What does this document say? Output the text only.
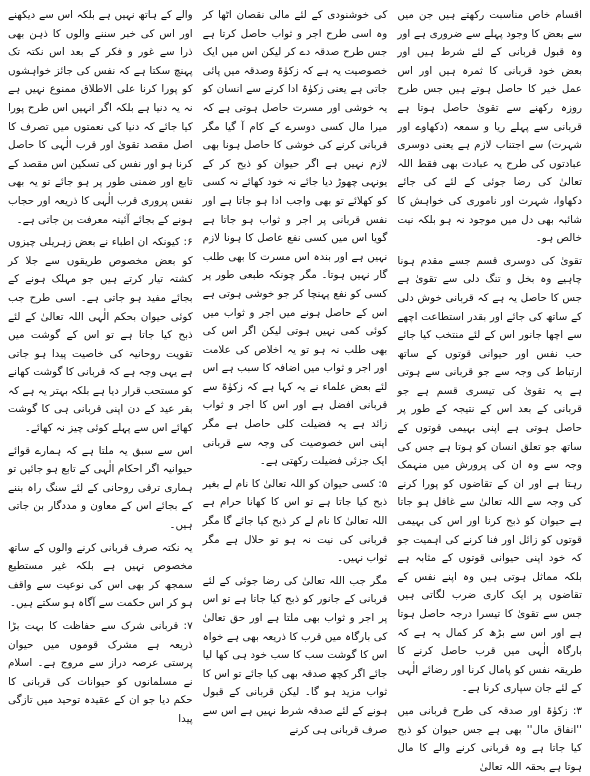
اقسام خاص مناسبت رکھتے ہیں جن میں سے بعض کا وجود پہلے سے ضروری ہے اور وہ قبول قربانی کے لئے شرط ہیں اور بعض خود قربانی کا ثمرہ ہیں اور اس عمل خیر کا حاصل ہوتے ہیں جس طرح روزہ رکھنے سے تقویٰ حاصل ہوتا ہے قربانی سے پہلے ریا و سمعہ (دکھاوے اور شہرت) سے اجتناب لازم ہے یعنی دوسری عبادتوں کی طرح یہ عبادت بھی فقط اللہ تعالیٰ کی رضا جوئی کے لئے کی جائے دکھاوا، شہرت اور ناموری کی خواہش کا شائبہ بھی دل میں موجود نہ ہو بلکہ نیت خالص ہو۔

تقویٰ کی دوسری قسم جسے مقدم ہونا چاہیے وہ بخل و تنگ دلی سے تقویٰ ہے جس کا حاصل یہ ہے کہ قربانی خوش دلی کے ساتھ کی جائے اور بقدر استطاعت اچھے سے اچھا جانور اس کے لئے منتخب کیا جائے حب نفس اور حیوانی قوتوں کے ساتھ ارتباط کی وجہ سے جو قربانی سے ہوتی ہے یہ تقویٰ کی تیسری قسم ہے جو قربانی کے بعد اس کے نتیجہ کے طور پر حاصل ہوتی ہے اپنی بہیمی قوتوں کے ساتھ جو تعلق انسان کو ہوتا ہے جس کی وجہ سے وہ ان کی پرورش میں منہمک رہتا ہے اور ان کے تقاضوں کو پورا کرنے کی وجہ سے اللہ تعالیٰ سے غافل ہو جاتا ہے حیوان کو ذبح کرنا اور اس کی بہیمی قوتوں کو زائل اور فنا کرنے کی اہمیت جو کہ خود اپنی حیوانی قوتوں کے مثابہ ہے بلکہ مماثل ہوتی ہیں وہ اپنے نفس کے تقاضوں پر ایک کاری ضرب لگاتی ہیں جس سے تقویٰ کا تیسرا درجہ حاصل ہوتا ہے اور اس سے بڑھ کر کمال یہ ہے کہ بارگاہ الٰہی میں قرب حاصل کرنے کا طریقہ نفس کو پامال کرنا اور رضائے الٰہی کے لئے جان سپاری کرنا ہے۔

۳: زکوٰۃ اور صدقہ کی طرح قربانی میں ''انفاق مال'' بھی ہے جس حیوان کو ذبح کیا جاتا ہے وہ قربانی کرنے والے کا مال ہوتا ہے بحقہ اللہ تعالیٰ

کی خوشنودی کے لئے مالی نقصان اٹھا کر وہ اسی طرح اجر و ثواب حاصل کرتا ہے جس طرح صدقہ دے کر لیکن اس میں ایک خصوصیت یہ ہے کہ زکوٰۃ وصدقہ میں پائی جاتی ہے یعنی زکوٰۃ ادا کرنے سے انسان کو یہ خوشی اور مسرت حاصل ہوتی ہے کہ میرا مال کسی دوسرے کے کام آ گیا مگر قربانی کرنے کی خوشی کا حاصل ہونا بھی لازم نہیں ہے اگر حیوان کو ذبح کر کے یونہی چھوڑ دیا جائے نہ خود کھائے نہ کسی کو کھلائے تو بھی واجب ادا ہو جاتا ہے اور نفس قربانی پر اجر و ثواب ہو جاتا ہے گویا اس میں کسی نفع عاصل کا ہونا لازم نہیں ہے اور بندہ اس مسرت کا بھی طلب گار نہیں ہوتا۔ مگر چونکہ طبعی طور پر کسی کو نفع پہنچا کر جو خوشی ہوتی ہے اس کے حاصل ہونے میں اجر و ثواب میں کوئی کمی نہیں ہوتی لیکن اگر اس کی بھی طلب نہ ہو تو یہ اخلاص کی علامت اور اجر و ثواب میں اضافہ کا سبب ہے اس لئے بعض علماء نے یہ کہا ہے کہ زکوٰۃ سے قربانی افضل ہے اور اس کا اجر و ثواب زائد ہے یہ فضیلت کلی حاصل ہے مگر اپنی اس خصوصیت کی وجہ سے قربانی ایک جزئی فضیلت رکھتی ہے۔

۵: کسی حیوان کو اللہ تعالیٰ کا نام لے بغیر ذبح کیا جاتا ہے تو اس کا کھانا حرام ہے اللہ تعالیٰ کا نام لے کر ذبح کیا جائے گا مگر قربانی کی نیت نہ ہو تو حلال ہے مگر ثواب نہیں۔

مگر جب اللہ تعالیٰ کی رضا جوئی کے لئے قربانی کے جانور کو ذبح کیا جاتا ہے تو اس پر اجر و ثواب بھی ملتا ہے اور حق تعالیٰ کی بارگاہ میں قرب کا ذریعہ بھی ہے خواہ اس کا گوشت سب کا سب خود ہی کھا لیا جائے اگر کچھ صدقہ بھی کیا جائے تو اس کا ثواب مزید ہو گا۔ لیکن قربانی کے قبول ہونے کے لئے صدقہ شرط نہیں ہے اس سے صرف قربانی ہی کرنے

والے کے ہاتھ نہیں ہے بلکہ اس سے دیکھنے اور اس کی خبر سننے والوں کا ذہن بھی ذرا سے غور و فکر کے بعد اس نکتہ تک پہنچ سکتا ہے کہ نفس کی جائز خواہشوں کو پورا کرنا علی الاطلاق ممنوع نہیں ہے نہ یہ دنیا ہے بلکہ اگر انہیں اس طرح پورا کیا جائے کہ دنیا کی نعمتوں میں تصرف کا اصل مقصد تقویٰ اور قرب الٰہی کا حاصل کرنا ہو اور نفس کی تسکین اس مقصد کے تابع اور ضمنی طور پر ہو جائے تو یہ بھی نفس پروری قرب الٰہی کا ذریعہ اور حجاب ہونے کے بجائے آئینہ معرفت بن جاتی ہے۔

۶: کیونکہ ان اطباء نے بعض زہریلی چیزوں کو بعض مخصوص طریقوں سے جلا کر کشتہ تیار کرتے ہیں جو مہلک ہونے کے بجائے مفید ہو جاتی ہے۔ اسی طرح جب کوئی حیوان بحکم الٰہی اللہ تعالیٰ کے لئے ذبح کیا جاتا ہے تو اس کے گوشت میں تقویت روحانیہ کی خاصیت پیدا ہو جاتی ہے یہی وجہ ہے کہ قربانی کا گوشت کھانے کو مستحب قرار دیا ہے بلکہ بہتر یہ ہے کہ بقر عید کے دن اپنی قربانی ہی کا گوشت کھائے اس سے پہلے کوئی چیز نہ کھائے۔

اس سے سبق یہ ملتا ہے کہ ہمارے قوائے حیوانیہ اگر احکام الٰہی کے تابع ہو جائیں تو ہماری ترقی روحانی کے لئے سنگ راہ بننے کے بجائے اس کے معاون و مددگار بن جاتی ہیں۔

یہ نکتہ صرف قربانی کرنے والوں کے ساتھ مخصوص نہیں ہے بلکہ غیر مستطیع سمجھ کر بھی اس کی نوعیت سے واقف ہو کر اس حکمت سے آگاہ ہو سکتے ہیں۔

۷: قربانی شرک سے حفاظت کا بہت بڑا ذریعہ ہے مشرک قوموں میں حیوان پرستی عرصہ دراز سے مروج ہے۔ اسلام نے مسلمانوں کو حیوانات کی قربانی کا حکم دیا جو ان کے عقیدہ توحید میں تازگی پیدا
